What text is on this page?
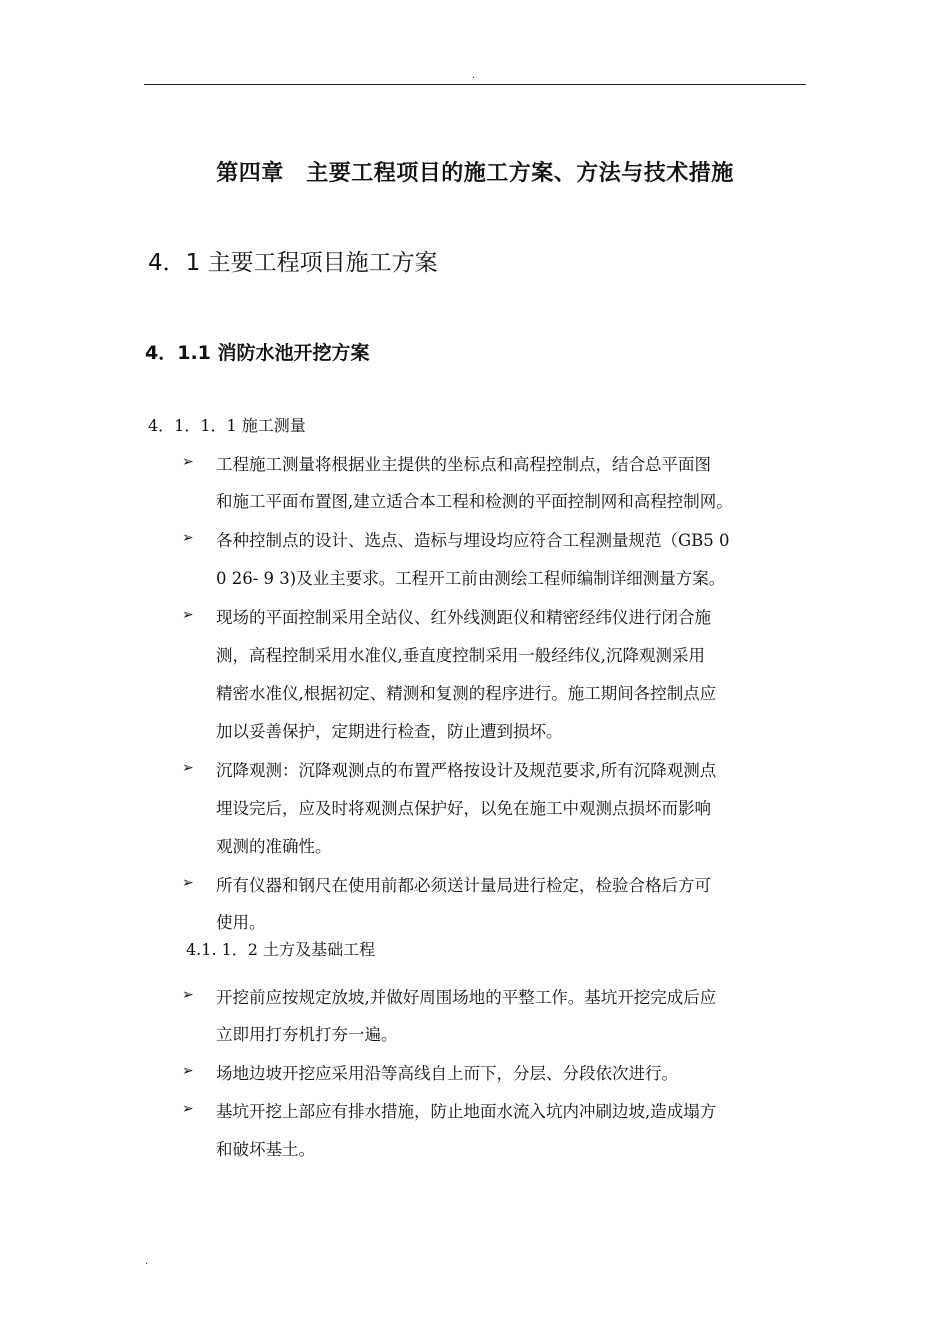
.
第四章　主要工程项目的施工方案、方法与技术措施
4．1 主要工程项目施工方案
4．1.1 消防水池开挖方案
4．1．1．1 施工测量
➢ 工程施工测量将根据业主提供的坐标点和高程控制点，结合总平面图
和施工平面布置图,建立适合本工程和检测的平面控制网和高程控制网。
➢ 各种控制点的设计、选点、造标与埋设均应符合工程测量规范（GB5 0
0 26- 9 3)及业主要求。工程开工前由测绘工程师编制详细测量方案。
➢ 现场的平面控制采用全站仪、红外线测距仪和精密经纬仪进行闭合施
测，高程控制采用水准仪,垂直度控制采用一般经纬仪,沉降观测采用
精密水准仪,根据初定、精测和复测的程序进行。施工期间各控制点应
加以妥善保护，定期进行检查，防止遭到损坏。
➢ 沉降观测：沉降观测点的布置严格按设计及规范要求,所有沉降观测点
埋设完后，应及时将观测点保护好，以免在施工中观测点损坏而影响
观测的准确性。
➢ 所有仪器和钢尺在使用前都必须送计量局进行检定，检验合格后方可
使用。
4.1. 1．2 土方及基础工程
➢ 开挖前应按规定放坡,并做好周围场地的平整工作。基坑开挖完成后应
立即用打夯机打夯一遍。
➢ 场地边坡开挖应采用沿等高线自上而下，分层、分段依次进行。
➢ 基坑开挖上部应有排水措施，防止地面水流入坑内冲刷边坡,造成塌方
和破坏基土。
.
